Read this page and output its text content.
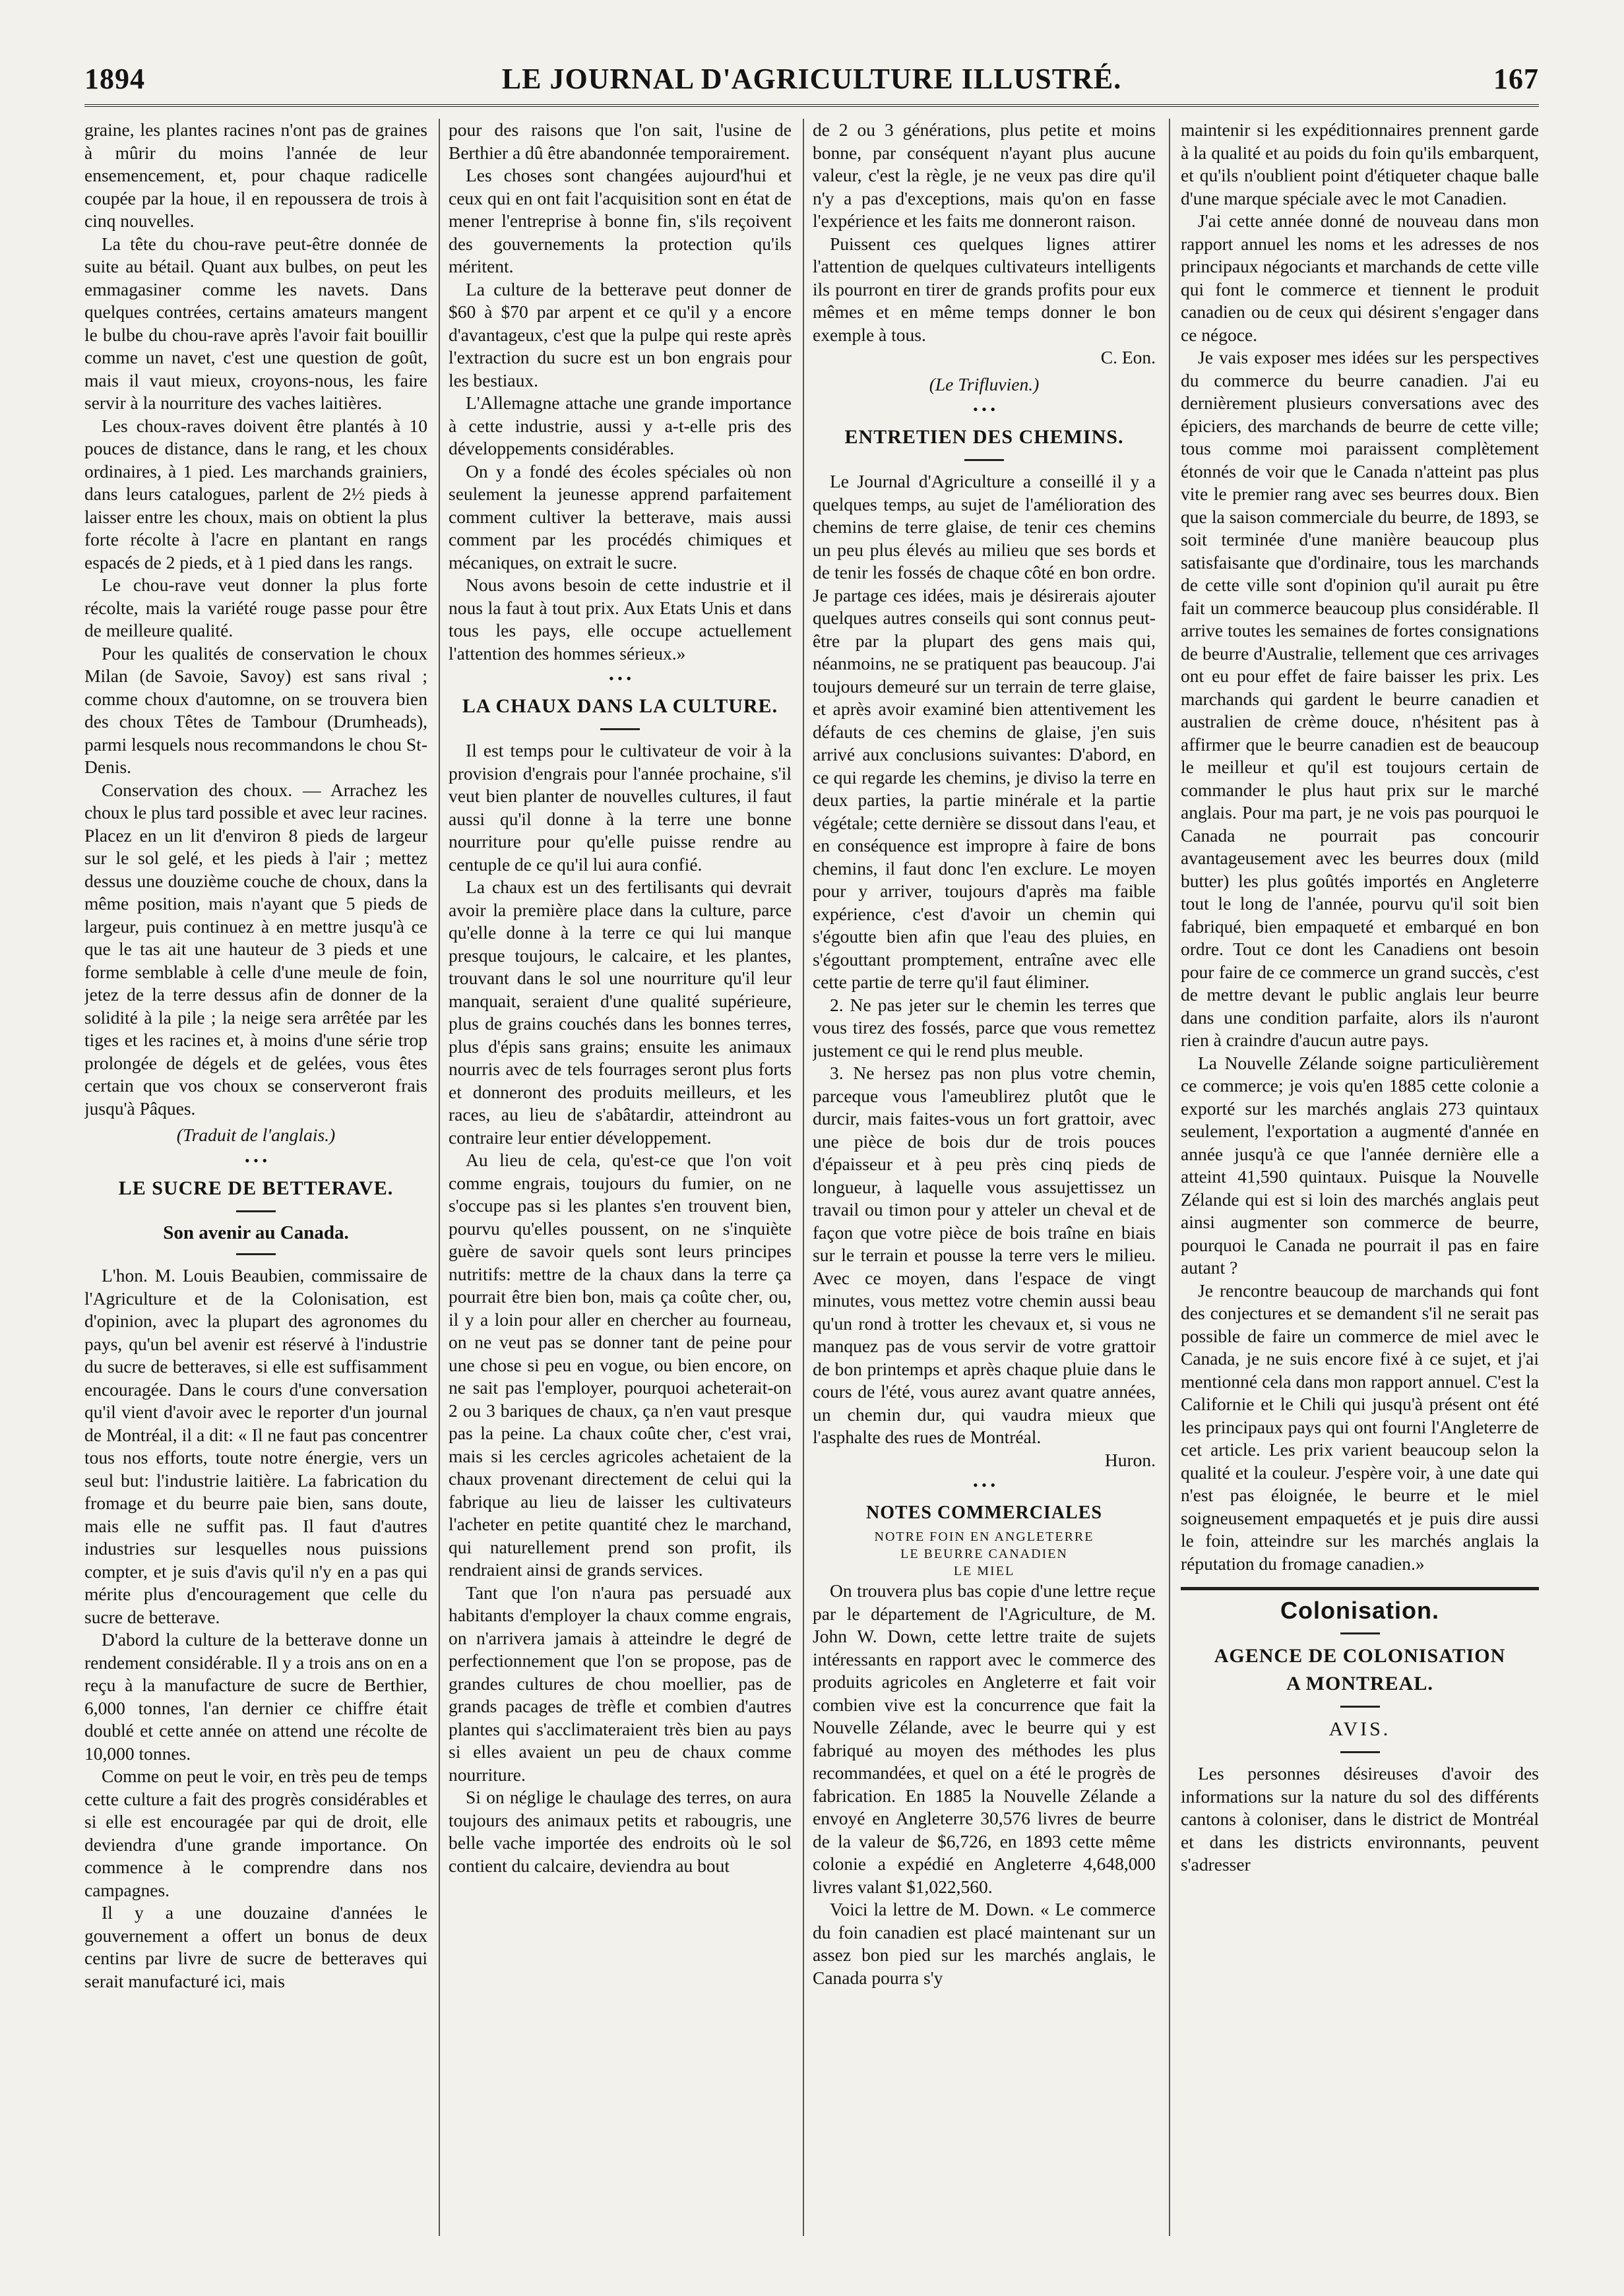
1894	LE JOURNAL D'AGRICULTURE ILLUSTRÉ.	167

graine, les plantes racines n'ont pas de graines à mûrir du moins l'année de leur ensemencement, et, pour chaque radicelle coupée par la houe, il en repoussera de trois à cinq nouvelles.

La tête du chou-rave peut-être donnée de suite au bétail. Quant aux bulbes, on peut les emmagasiner comme les navets. Dans quelques contrées, certains amateurs mangent le bulbe du chou-rave après l'avoir fait bouillir comme un navet, c'est une question de goût, mais il vaut mieux, croyons-nous, les faire servir à la nourriture des vaches laitières.

Les choux-raves doivent être plantés à 10 pouces de distance, dans le rang, et les choux ordinaires, à 1 pied. Les marchands grainiers, dans leurs catalogues, parlent de 2½ pieds à laisser entre les choux, mais on obtient la plus forte récolte à l'acre en plantant en rangs espacés de 2 pieds, et à 1 pied dans les rangs.

Le chou-rave veut donner la plus forte récolte, mais la variété rouge passe pour être de meilleure qualité.

Pour les qualités de conservation le choux Milan (de Savoie, Savoy) est sans rival ; comme choux d'automne, on se trouvera bien des choux Têtes de Tambour (Drumheads), parmi lesquels nous recommandons le chou St-Denis.

Conservation des choux. — Arrachez les choux le plus tard possible et avec leur racines. Placez en un lit d'environ 8 pieds de largeur sur le sol gelé, et les pieds à l'air ; mettez dessus une douzième couche de choux, dans la même position, mais n'ayant que 5 pieds de largeur, puis continuez à en mettre jusqu'à ce que le tas ait une hauteur de 3 pieds et une forme semblable à celle d'une meule de foin, jetez de la terre dessus afin de donner de la solidité à la pile ; la neige sera arrêtée par les tiges et les racines et, à moins d'une série trop prolongée de dégels et de gelées, vous êtes certain que vos choux se conserveront frais jusqu'à Pâques.

(Traduit de l'anglais.)

• • •
LE SUCRE DE BETTERAVE.
Son avenir au Canada.

L'hon. M. Louis Beaubien, commissaire de l'Agriculture et de la Colonisation, est d'opinion, avec la plupart des agronomes du pays, qu'un bel avenir est réservé à l'industrie du sucre de betteraves, si elle est suffisamment encouragée. Dans le cours d'une conversation qu'il vient d'avoir avec le reporter d'un journal de Montréal, il a dit: « Il ne faut pas concentrer tous nos efforts, toute notre énergie, vers un seul but: l'industrie laitière. La fabrication du fromage et du beurre paie bien, sans doute, mais elle ne suffit pas. Il faut d'autres industries sur lesquelles nous puissions compter, et je suis d'avis qu'il n'y en a pas qui mérite plus d'encouragement que celle du sucre de betterave.

D'abord la culture de la betterave donne un rendement considérable. Il y a trois ans on en a reçu à la manufacture de sucre de Berthier, 6,000 tonnes, l'an dernier ce chiffre était doublé et cette année on attend une récolte de 10,000 tonnes.

Comme on peut le voir, en très peu de temps cette culture a fait des progrès considérables et si elle est encouragée par qui de droit, elle deviendra d'une grande importance. On commence à le comprendre dans nos campagnes.

Il y a une douzaine d'années le gouvernement a offert un bonus de deux centins par livre de sucre de betteraves qui serait manufacturé ici, mais

pour des raisons que l'on sait, l'usine de Berthier a dû être abandonnée temporairement.

Les choses sont changées aujourd'hui et ceux qui en ont fait l'acquisition sont en état de mener l'entreprise à bonne fin, s'ils reçoivent des gouvernements la protection qu'ils méritent.

La culture de la betterave peut donner de $60 à $70 par arpent et ce qu'il y a encore d'avantageux, c'est que la pulpe qui reste après l'extraction du sucre est un bon engrais pour les bestiaux.

L'Allemagne attache une grande importance à cette industrie, aussi y a-t-elle pris des développements considérables.

On y a fondé des écoles spéciales où non seulement la jeunesse apprend parfaitement comment cultiver la betterave, mais aussi comment par les procédés chimiques et mécaniques, on extrait le sucre.

Nous avons besoin de cette industrie et il nous la faut à tout prix. Aux Etats Unis et dans tous les pays, elle occupe actuellement l'attention des hommes sérieux.»

• • •
LA CHAUX DANS LA CULTURE.

Il est temps pour le cultivateur de voir à la provision d'engrais pour l'année prochaine, s'il veut bien planter de nouvelles cultures, il faut aussi qu'il donne à la terre une bonne nourriture pour qu'elle puisse rendre au centuple de ce qu'il lui aura confié.

La chaux est un des fertilisants qui devrait avoir la première place dans la culture, parce qu'elle donne à la terre ce qui lui manque presque toujours, le calcaire, et les plantes, trouvant dans le sol une nourriture qu'il leur manquait, seraient d'une qualité supérieure, plus de grains couchés dans les bonnes terres, plus d'épis sans grains; ensuite les animaux nourris avec de tels fourrages seront plus forts et donneront des produits meilleurs, et les races, au lieu de s'abâtardir, atteindront au contraire leur entier développement.

Au lieu de cela, qu'est-ce que l'on voit comme engrais, toujours du fumier, on ne s'occupe pas si les plantes s'en trouvent bien, pourvu qu'elles poussent, on ne s'inquiète guère de savoir quels sont leurs principes nutritifs: mettre de la chaux dans la terre ça pourrait être bien bon, mais ça coûte cher, ou, il y a loin pour aller en chercher au fourneau, on ne veut pas se donner tant de peine pour une chose si peu en vogue, ou bien encore, on ne sait pas l'employer, pourquoi acheterait-on 2 ou 3 bariques de chaux, ça n'en vaut presque pas la peine. La chaux coûte cher, c'est vrai, mais si les cercles agricoles achetaient de la chaux provenant directement de celui qui la fabrique au lieu de laisser les cultivateurs l'acheter en petite quantité chez le marchand, qui naturellement prend son profit, ils rendraient ainsi de grands services.

Tant que l'on n'aura pas persuadé aux habitants d'employer la chaux comme engrais, on n'arrivera jamais à atteindre le degré de perfectionnement que l'on se propose, pas de grandes cultures de chou moellier, pas de grands pacages de trèfle et combien d'autres plantes qui s'acclimateraient très bien au pays si elles avaient un peu de chaux comme nourriture.

Si on néglige le chaulage des terres, on aura toujours des animaux petits et rabougris, une belle vache importée des endroits où le sol contient du calcaire, deviendra au bout

de 2 ou 3 générations, plus petite et moins bonne, par conséquent n'ayant plus aucune valeur, c'est la règle, je ne veux pas dire qu'il n'y a pas d'exceptions, mais qu'on en fasse l'expérience et les faits me donneront raison.

Puissent ces quelques lignes attirer l'attention de quelques cultivateurs intelligents ils pourront en tirer de grands profits pour eux mêmes et en même temps donner le bon exemple à tous.

C. Eon.

(Le Trifluvien.)

• • •
ENTRETIEN DES CHEMINS.

Le Journal d'Agriculture a conseillé il y a quelques temps, au sujet de l'amélioration des chemins de terre glaise, de tenir ces chemins un peu plus élevés au milieu que ses bords et de tenir les fossés de chaque côté en bon ordre. Je partage ces idées, mais je désirerais ajouter quelques autres conseils qui sont connus peut-être par la plupart des gens mais qui, néanmoins, ne se pratiquent pas beaucoup. J'ai toujours demeuré sur un terrain de terre glaise, et après avoir examiné bien attentivement les défauts de ces chemins de glaise, j'en suis arrivé aux conclusions suivantes: D'abord, en ce qui regarde les chemins, je diviso la terre en deux parties, la partie minérale et la partie végétale; cette dernière se dissout dans l'eau, et en conséquence est impropre à faire de bons chemins, il faut donc l'en exclure. Le moyen pour y arriver, toujours d'après ma faible expérience, c'est d'avoir un chemin qui s'égoutte bien afin que l'eau des pluies, en s'égouttant promptement, entraîne avec elle cette partie de terre qu'il faut éliminer.

2. Ne pas jeter sur le chemin les terres que vous tirez des fossés, parce que vous remettez justement ce qui le rend plus meuble.

3. Ne hersez pas non plus votre chemin, parceque vous l'ameublirez plutôt que le durcir, mais faites-vous un fort grattoir, avec une pièce de bois dur de trois pouces d'épaisseur et à peu près cinq pieds de longueur, à laquelle vous assujettissez un travail ou timon pour y atteler un cheval et de façon que votre pièce de bois traîne en biais sur le terrain et pousse la terre vers le milieu. Avec ce moyen, dans l'espace de vingt minutes, vous mettez votre chemin aussi beau qu'un rond à trotter les chevaux et, si vous ne manquez pas de vous servir de votre grattoir de bon printemps et après chaque pluie dans le cours de l'été, vous aurez avant quatre années, un chemin dur, qui vaudra mieux que l'asphalte des rues de Montréal.

Huron.

• • •
NOTES COMMERCIALES
NOTRE FOIN EN ANGLETERRE
LE BEURRE CANADIEN
LE MIEL

On trouvera plus bas copie d'une lettre reçue par le département de l'Agriculture, de M. John W. Down, cette lettre traite de sujets intéressants en rapport avec le commerce des produits agricoles en Angleterre et fait voir combien vive est la concurrence que fait la Nouvelle Zélande, avec le beurre qui y est fabriqué au moyen des méthodes les plus recommandées, et quel on a été le progrès de fabrication. En 1885 la Nouvelle Zélande a envoyé en Angleterre 30,576 livres de beurre de la valeur de $6,726, en 1893 cette même colonie a expédié en Angleterre 4,648,000 livres valant $1,022,560.

Voici la lettre de M. Down. « Le commerce du foin canadien est placé maintenant sur un assez bon pied sur les marchés anglais, le Canada pourra s'y

maintenir si les expéditionnaires prennent garde à la qualité et au poids du foin qu'ils embarquent, et qu'ils n'oublient point d'étiqueter chaque balle d'une marque spéciale avec le mot Canadien.

J'ai cette année donné de nouveau dans mon rapport annuel les noms et les adresses de nos principaux négociants et marchands de cette ville qui font le commerce et tiennent le produit canadien ou de ceux qui désirent s'engager dans ce négoce.

Je vais exposer mes idées sur les perspectives du commerce du beurre canadien. J'ai eu dernièrement plusieurs conversations avec des épiciers, des marchands de beurre de cette ville; tous comme moi paraissent complètement étonnés de voir que le Canada n'atteint pas plus vite le premier rang avec ses beurres doux. Bien que la saison commerciale du beurre, de 1893, se soit terminée d'une manière beaucoup plus satisfaisante que d'ordinaire, tous les marchands de cette ville sont d'opinion qu'il aurait pu être fait un commerce beaucoup plus considérable. Il arrive toutes les semaines de fortes consignations de beurre d'Australie, tellement que ces arrivages ont eu pour effet de faire baisser les prix. Les marchands qui gardent le beurre canadien et australien de crème douce, n'hésitent pas à affirmer que le beurre canadien est de beaucoup le meilleur et qu'il est toujours certain de commander le plus haut prix sur le marché anglais. Pour ma part, je ne vois pas pourquoi le Canada ne pourrait pas concourir avantageusement avec les beurres doux (mild butter) les plus goûtés importés en Angleterre tout le long de l'année, pourvu qu'il soit bien fabriqué, bien empaqueté et embarqué en bon ordre. Tout ce dont les Canadiens ont besoin pour faire de ce commerce un grand succès, c'est de mettre devant le public anglais leur beurre dans une condition parfaite, alors ils n'auront rien à craindre d'aucun autre pays.

La Nouvelle Zélande soigne particulièrement ce commerce; je vois qu'en 1885 cette colonie a exporté sur les marchés anglais 273 quintaux seulement, l'exportation a augmenté d'année en année jusqu'à ce que l'année dernière elle a atteint 41,590 quintaux. Puisque la Nouvelle Zélande qui est si loin des marchés anglais peut ainsi augmenter son commerce de beurre, pourquoi le Canada ne pourrait il pas en faire autant ?

Je rencontre beaucoup de marchands qui font des conjectures et se demandent s'il ne serait pas possible de faire un commerce de miel avec le Canada, je ne suis encore fixé à ce sujet, et j'ai mentionné cela dans mon rapport annuel. C'est la Californie et le Chili qui jusqu'à présent ont été les principaux pays qui ont fourni l'Angleterre de cet article. Les prix varient beaucoup selon la qualité et la couleur. J'espère voir, à une date qui n'est pas éloignée, le beurre et le miel soigneusement empaquetés et je puis dire aussi le foin, atteindre sur les marchés anglais la réputation du fromage canadien.»

Colonisation.
AGENCE DE COLONISATION
A MONTREAL.
AVIS.

Les personnes désireuses d'avoir des informations sur la nature du sol des différents cantons à coloniser, dans le district de Montréal et dans les districts environnants, peuvent s'adresser
